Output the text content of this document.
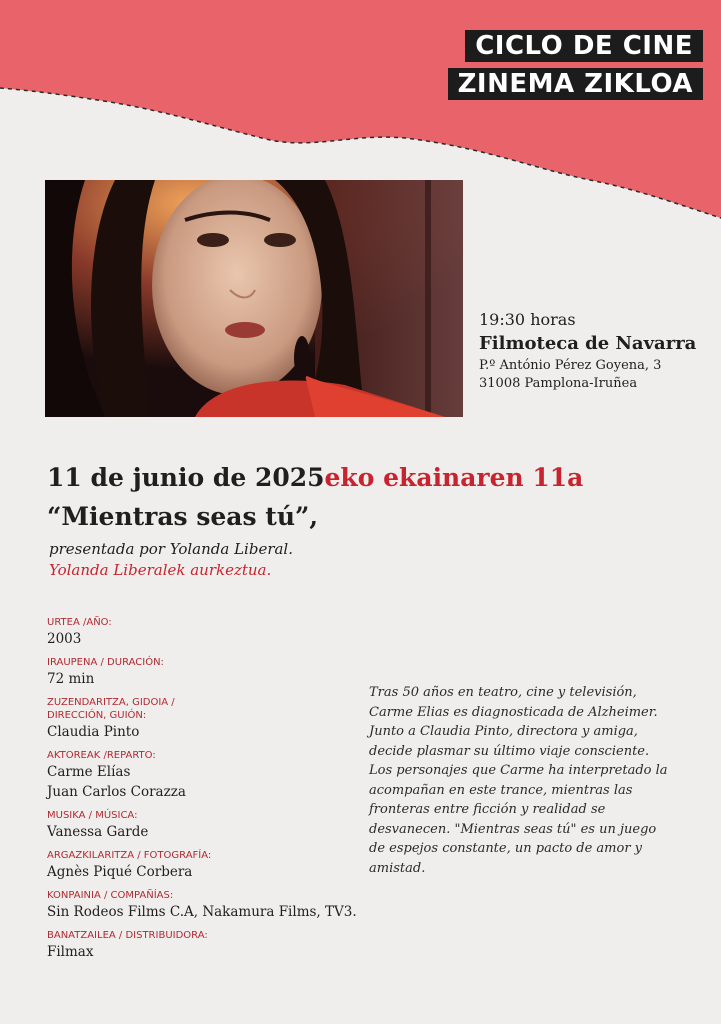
CICLO DE CINE
ZINEMA ZIKLOA
19:30 horas
Filmoteca de Navarra
P.º António Pérez Goyena, 3
31008 Pamplona-Iruñea
11 de junio de 2025eko ekainaren 11a
“Mientras seas tú”,
presentada por Yolanda Liberal.
Yolanda Liberalek aurkeztua.
URTEA /AÑO:
2003
IRAUPENA / DURACIÓN:
72 min
ZUZENDARITZA, GIDOIA / DIRECCIÓN, GUIÓN:
Claudia Pinto
AKTOREAK /REPARTO:
Carme Elías
Juan Carlos Corazza
MUSIKA / MÚSICA:
Vanessa Garde
ARGAZKILARITZA / FOTOGRAFÍA:
Agnès Piqué Corbera
KONPAINIA / COMPAÑÍAS:
Sin Rodeos Films C.A, Nakamura Films, TV3.
BANATZAILEA / DISTRIBUIDORA:
Filmax
Tras 50 años en teatro, cine y televisión, Carme Elias es diagnosticada de Alzheimer. Junto a Claudia Pinto, directora y amiga, decide plasmar su último viaje consciente. Los personajes que Carme ha interpretado la acompañan en este trance, mientras las fronteras entre ficción y realidad se desvanecen. "Mientras seas tú" es un juego de espejos constante, un pacto de amor y amistad.
